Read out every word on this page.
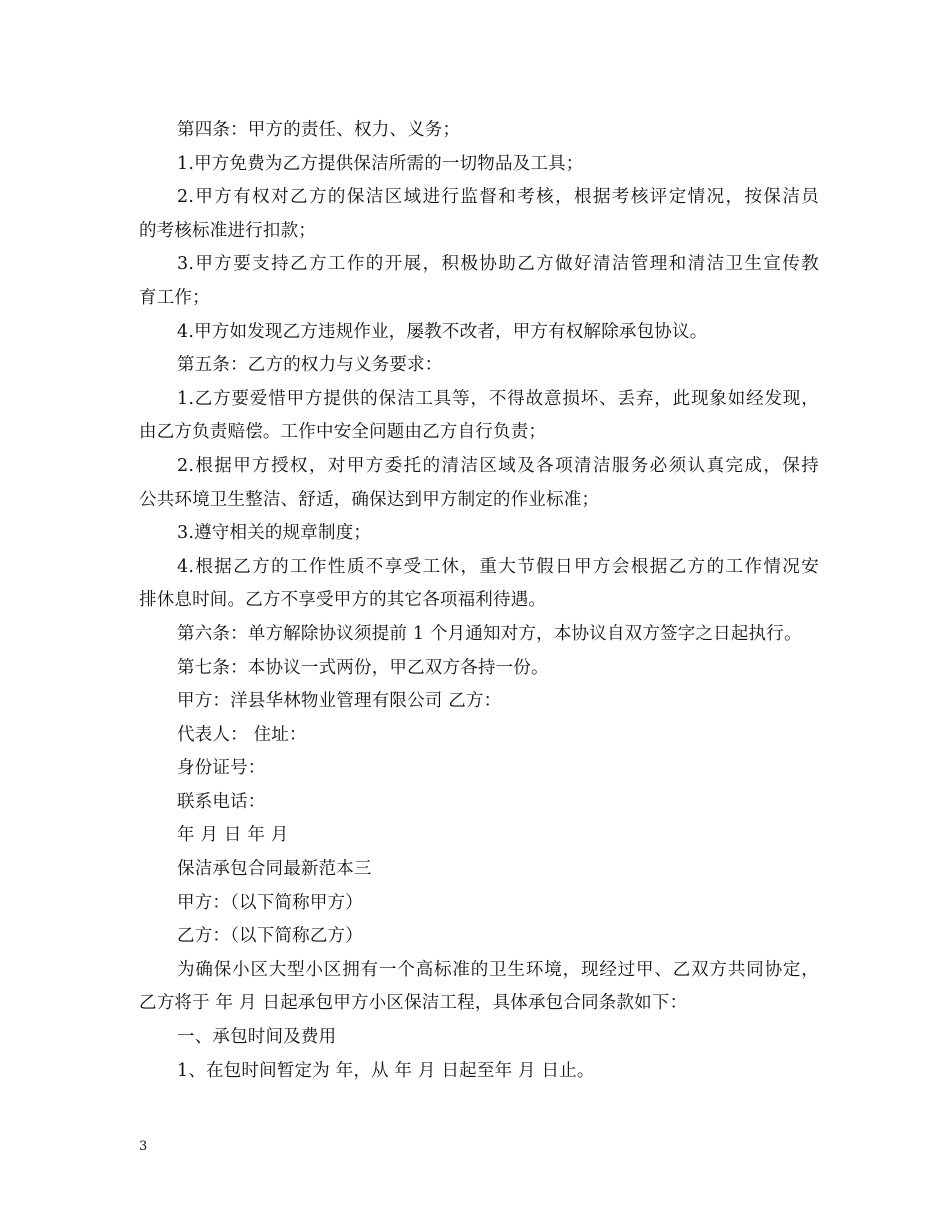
第四条：甲方的责任、权力、义务；
1.甲方免费为乙方提供保洁所需的一切物品及工具；
2.甲方有权对乙方的保洁区域进行监督和考核，根据考核评定情况，按保洁员
的考核标准进行扣款；
3.甲方要支持乙方工作的开展，积极协助乙方做好清洁管理和清洁卫生宣传教
育工作；
4.甲方如发现乙方违规作业，屡教不改者，甲方有权解除承包协议。
第五条：乙方的权力与义务要求：
1.乙方要爱惜甲方提供的保洁工具等，不得故意损坏、丢弃，此现象如经发现，
由乙方负责赔偿。工作中安全问题由乙方自行负责；
2.根据甲方授权，对甲方委托的清洁区域及各项清洁服务必须认真完成，保持
公共环境卫生整洁、舒适，确保达到甲方制定的作业标准；
3.遵守相关的规章制度；
4.根据乙方的工作性质不享受工休，重大节假日甲方会根据乙方的工作情况安
排休息时间。乙方不享受甲方的其它各项福利待遇。
第六条：单方解除协议须提前 1 个月通知对方，本协议自双方签字之日起执行。
第七条：本协议一式两份，甲乙双方各持一份。
甲方：洋县华林物业管理有限公司 乙方：
代表人： 住址：
身份证号：
联系电话：
年 月 日 年 月
保洁承包合同最新范本三
甲方：（以下简称甲方）
乙方：（以下简称乙方）
为确保小区大型小区拥有一个高标准的卫生环境，现经过甲、乙双方共同协定，
乙方将于 年 月 日起承包甲方小区保洁工程，具体承包合同条款如下：
一、承包时间及费用
1、在包时间暂定为 年，从 年 月 日起至年 月 日止。
3
